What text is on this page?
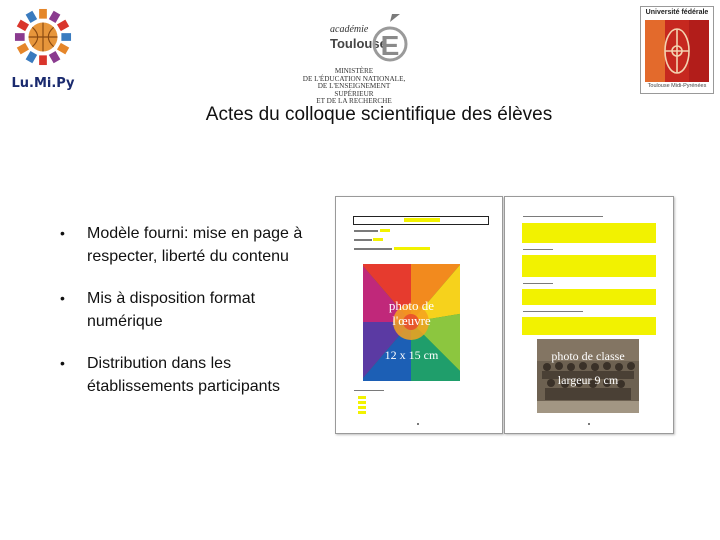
Lu.Mi.Py
académie
Toulouse
E
MINISTÈRE
DE L'ÉDUCATION NATIONALE,
DE L'ENSEIGNEMENT SUPÉRIEUR
ET DE LA RECHERCHE
Université fédérale
Toulouse Midi-Pyrénées
Actes du colloque scientifique des élèves
• Modèle fourni: mise en page à respecter, liberté du contenu
• Mis à disposition format numérique
• Distribution dans les établissements participants
photo de
l'œuvre
12 x 15 cm	photo de classe
largeur 9 cm
